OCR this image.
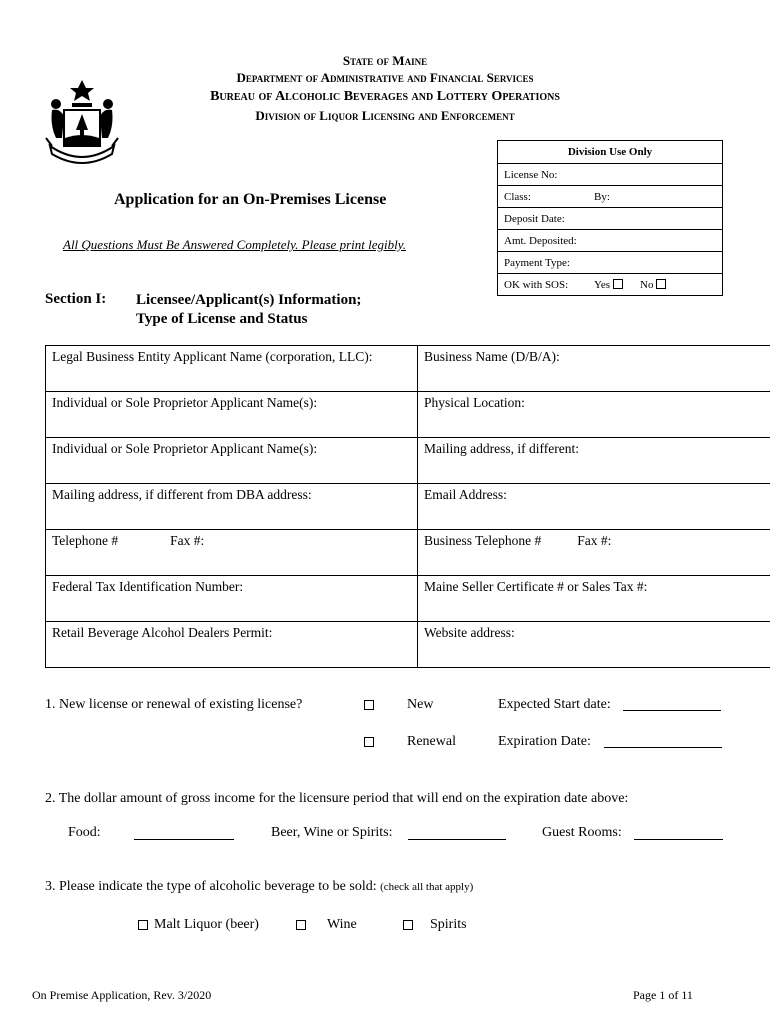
State of Maine
Department of Administrative and Financial Services
Bureau of Alcoholic Beverages and Lottery Operations
Division of Liquor Licensing and Enforcement
Division Use Only
License No:
Class:	By:
Deposit Date:
Amt. Deposited:
Payment Type:
OK with SOS: Yes	No
Application for an On-Premises License
All Questions Must Be Answered Completely. Please print legibly.
Section I: Licensee/Applicant(s) Information;
Type of License and Status
Legal Business Entity Applicant Name (corporation, LLC):	Business Name (D/B/A):
Individual or Sole Proprietor Applicant Name(s):	Physical Location:
Individual or Sole Proprietor Applicant Name(s):	Mailing address, if different:
Mailing address, if different from DBA address:	Email Address:
Telephone # Fax #:	Business Telephone # Fax #:
Federal Tax Identification Number:	Maine Seller Certificate # or Sales Tax #:
Retail Beverage Alcohol Dealers Permit:	Website address:
1. New license or renewal of existing license?	New	Expected Start date:
Renewal	Expiration Date:
2. The dollar amount of gross income for the licensure period that will end on the expiration date above:
Food:	Beer, Wine or Spirits:	Guest Rooms:
3. Please indicate the type of alcoholic beverage to be sold: (check all that apply)
Malt Liquor (beer)	Wine	Spirits
On Premise Application, Rev. 3/2020	Page 1 of 11
